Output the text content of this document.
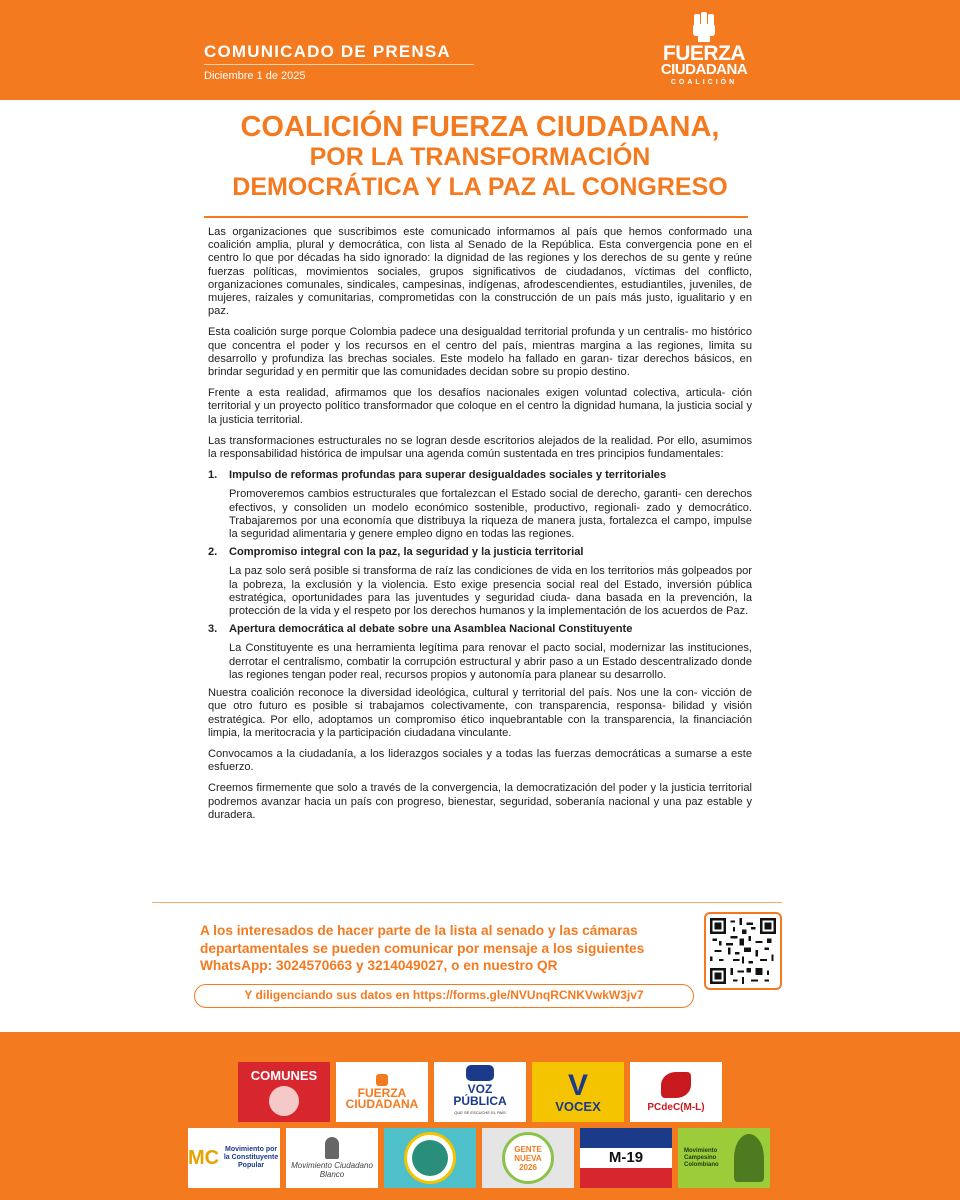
COMUNICADO DE PRENSA
Diciembre 1 de 2025
FUERZA
CIUDADANA
COALICIÓN
COALICIÓN FUERZA CIUDADANA,
POR LA TRANSFORMACIÓN
DEMOCRÁTICA Y LA PAZ AL CONGRESO

Las organizaciones que suscribimos este comunicado informamos al país que hemos conformado una coalición amplia, plural y democrática, con lista al Senado de la República. Esta convergencia pone en el centro lo que por décadas ha sido ignorado: la dignidad de las regiones y los derechos de su gente y reúne fuerzas políticas, movimientos sociales, grupos significativos de ciudadanos, víctimas del conflicto, organizaciones comunales, sindicales, campesinas, indígenas, afrodescendientes, estudiantiles, juveniles, de mujeres, raizales y comunitarias, comprometidas con la construcción de un país más justo, igualitario y en paz.

Esta coalición surge porque Colombia padece una desigualdad territorial profunda y un centralis- mo histórico que concentra el poder y los recursos en el centro del país, mientras margina a las regiones, limita su desarrollo y profundiza las brechas sociales. Este modelo ha fallado en garan- tizar derechos básicos, en brindar seguridad y en permitir que las comunidades decidan sobre su propio destino.

Frente a esta realidad, afirmamos que los desafíos nacionales exigen voluntad colectiva, articula- ción territorial y un proyecto político transformador que coloque en el centro la dignidad humana, la justicia social y la justicia territorial.

Las transformaciones estructurales no se logran desde escritorios alejados de la realidad. Por ello, asumimos la responsabilidad histórica de impulsar una agenda común sustentada en tres principios fundamentales:

1.	Impulso de reformas profundas para superar desigualdades sociales y territoriales

Promoveremos cambios estructurales que fortalezcan el Estado social de derecho, garanti- cen derechos efectivos, y consoliden un modelo económico sostenible, productivo, regionali- zado y democrático. Trabajaremos por una economía que distribuya la riqueza de manera justa, fortalezca el campo, impulse la seguridad alimentaria y genere empleo digno en todas las regiones.

2.	Compromiso integral con la paz, la seguridad y la justicia territorial

La paz solo será posible si transforma de raíz las condiciones de vida en los territorios más golpeados por la pobreza, la exclusión y la violencia. Esto exige presencia social real del Estado, inversión pública estratégica, oportunidades para las juventudes y seguridad ciuda- dana basada en la prevención, la protección de la vida y el respeto por los derechos humanos y la implementación de los acuerdos de Paz.

3.	Apertura democrática al debate sobre una Asamblea Nacional Constituyente

La Constituyente es una herramienta legítima para renovar el pacto social, modernizar las instituciones, derrotar el centralismo, combatir la corrupción estructural y abrir paso a un Estado descentralizado donde las regiones tengan poder real, recursos propios y autonomía para planear su desarrollo.

Nuestra coalición reconoce la diversidad ideológica, cultural y territorial del país. Nos une la con- vicción de que otro futuro es posible si trabajamos colectivamente, con transparencia, responsa- bilidad y visión estratégica. Por ello, adoptamos un compromiso ético inquebrantable con la transparencia, la financiación limpia, la meritocracia y la participación ciudadana vinculante.

Convocamos a la ciudadanía, a los liderazgos sociales y a todas las fuerzas democráticas a sumarse a este esfuerzo.

Creemos firmemente que solo a través de la convergencia, la democratización del poder y la justicia territorial podremos avanzar hacia un país con progreso, bienestar, seguridad, soberanía nacional y una paz estable y duradera.

A los interesados de hacer parte de la lista al senado y las cámaras departamentales se pueden comunicar por mensaje a los siguientes WhatsApp: 3024570663 y 3214049027, o en nuestro QR
Y diligenciando sus datos en https://forms.gle/NVUnqRCNKVwkW3jv7
COMUNES
FUERZA
CIUDADANA
VOZ
PÚBLICA
QUE SE ESCUCHE EL PAÍS
V
VOCEX	PCdeC(M-L)
MC Movimiento por la Constituyente Popular	Movimiento Ciudadano Blanco
GENTE
NUEVA
2026
M-19	Movimiento Campesino Colombiano
